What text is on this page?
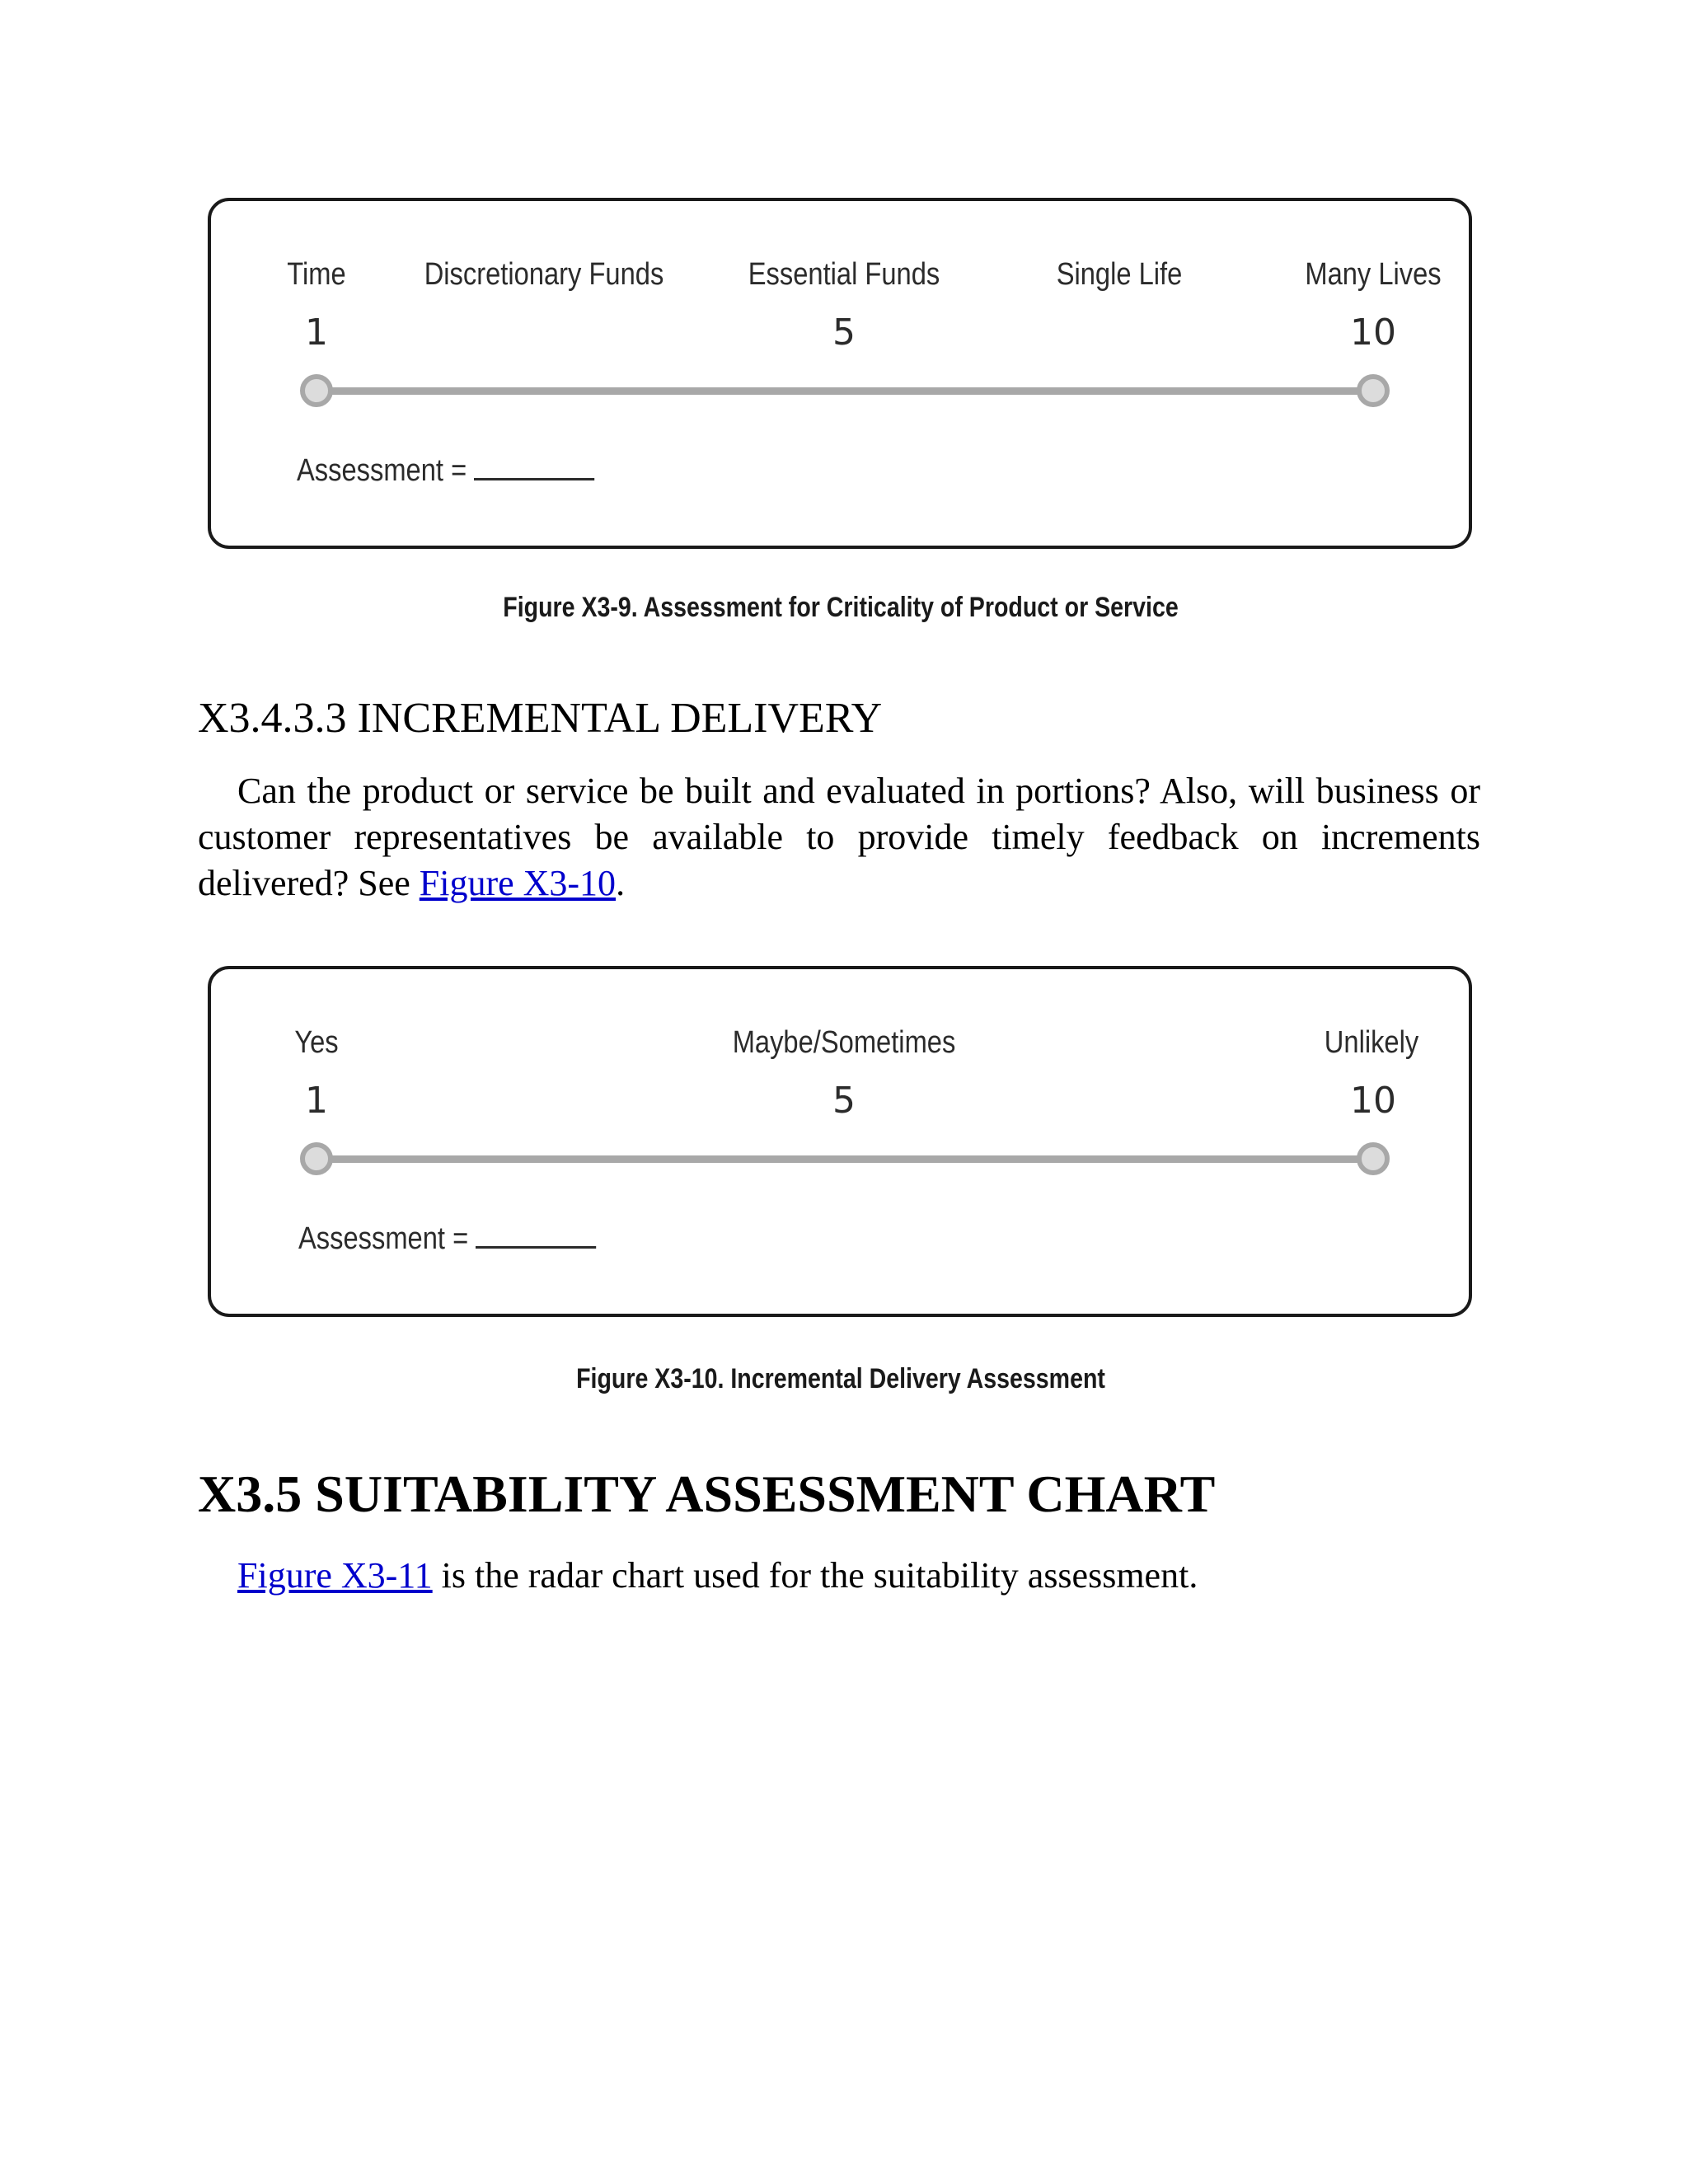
Time Discretionary Funds	Essential Funds	Single Life	Many Lives
1	5	10
Assessment =
Figure X3-9. Assessment for Criticality of Product or Service
X3.4.3.3 INCREMENTAL DELIVERY
Can the product or service be built and evaluated in portions? Also, will business or customer representatives be available to provide timely feedback on increments delivered? See Figure X3-10.
Yes	Maybe/Sometimes	Unlikely
1	5	10
Assessment =
Figure X3-10. Incremental Delivery Assessment
X3.5 SUITABILITY ASSESSMENT CHART
Figure X3-11 is the radar chart used for the suitability assessment.
